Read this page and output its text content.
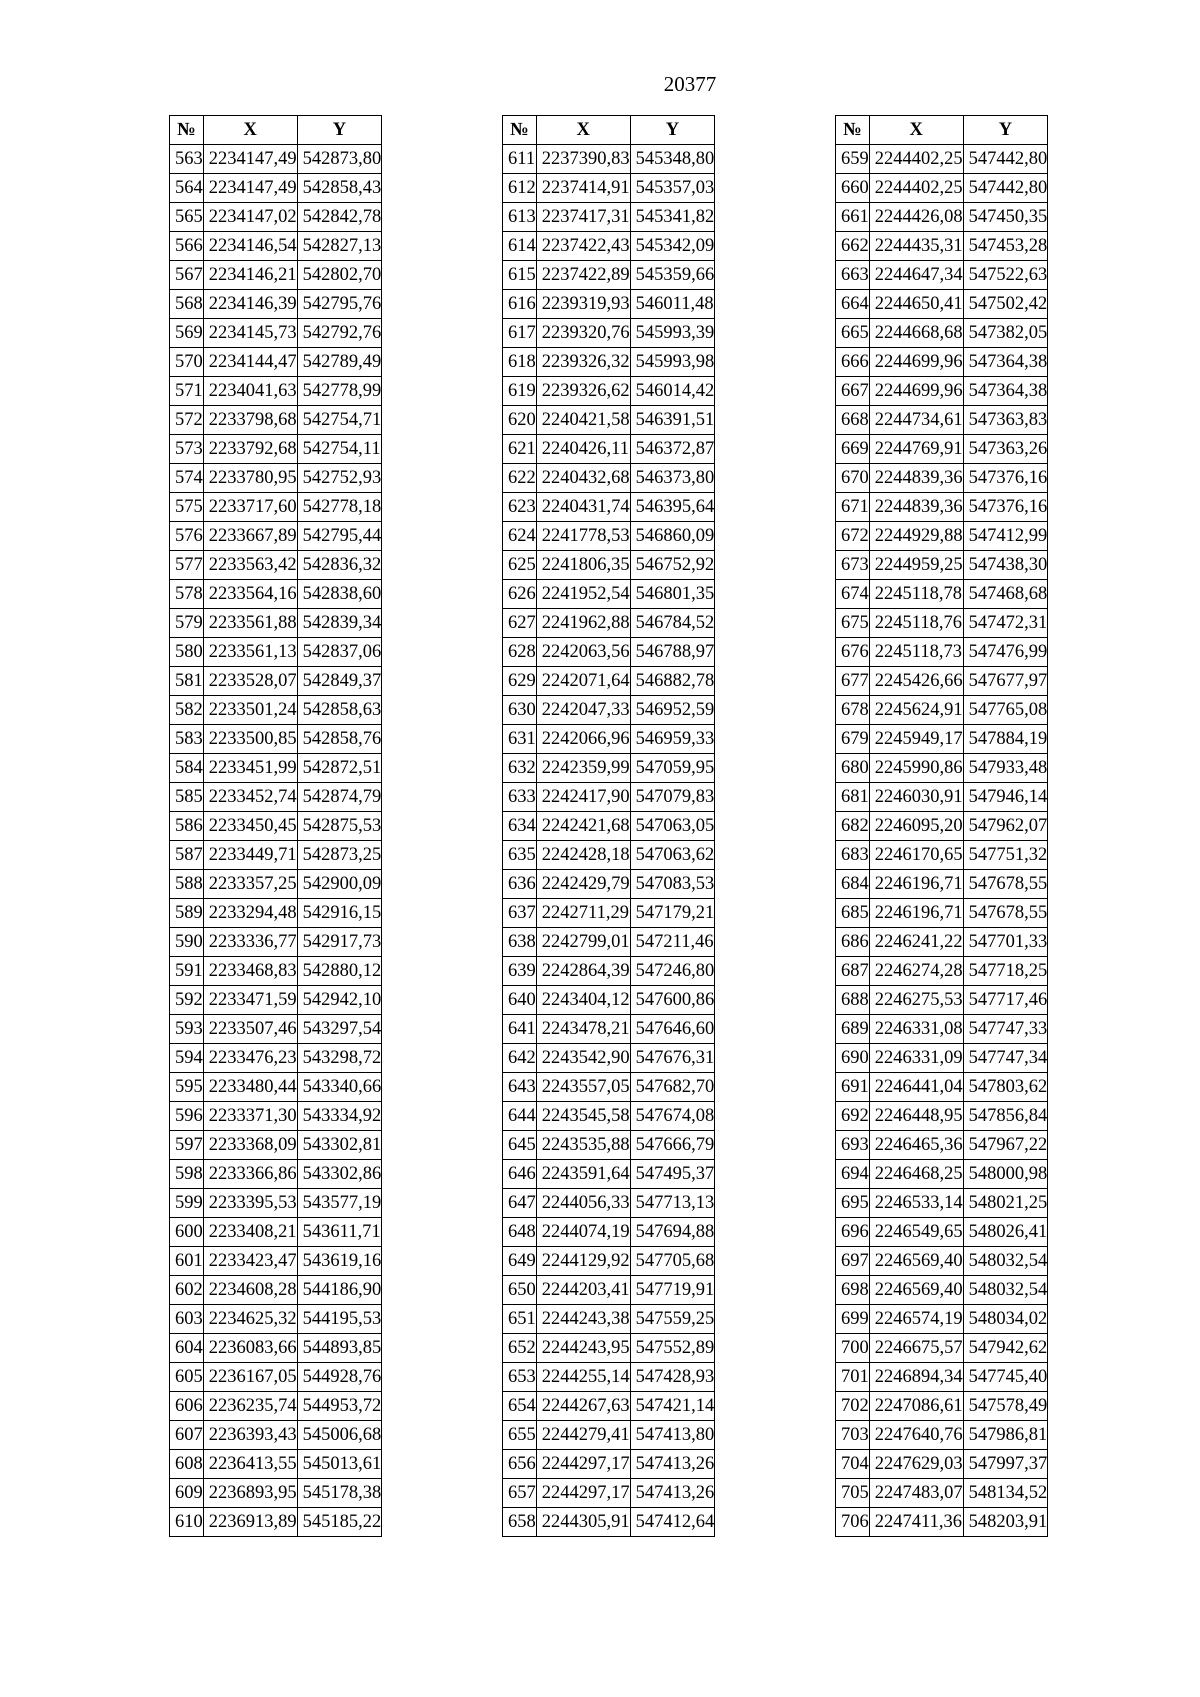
20377
№	X	Y
563	2234147,49	542873,80
564	2234147,49	542858,43
565	2234147,02	542842,78
566	2234146,54	542827,13
567	2234146,21	542802,70
568	2234146,39	542795,76
569	2234145,73	542792,76
570	2234144,47	542789,49
571	2234041,63	542778,99
572	2233798,68	542754,71
573	2233792,68	542754,11
574	2233780,95	542752,93
575	2233717,60	542778,18
576	2233667,89	542795,44
577	2233563,42	542836,32
578	2233564,16	542838,60
579	2233561,88	542839,34
580	2233561,13	542837,06
581	2233528,07	542849,37
582	2233501,24	542858,63
583	2233500,85	542858,76
584	2233451,99	542872,51
585	2233452,74	542874,79
586	2233450,45	542875,53
587	2233449,71	542873,25
588	2233357,25	542900,09
589	2233294,48	542916,15
590	2233336,77	542917,73
591	2233468,83	542880,12
592	2233471,59	542942,10
593	2233507,46	543297,54
594	2233476,23	543298,72
595	2233480,44	543340,66
596	2233371,30	543334,92
597	2233368,09	543302,81
598	2233366,86	543302,86
599	2233395,53	543577,19
600	2233408,21	543611,71
601	2233423,47	543619,16
602	2234608,28	544186,90
603	2234625,32	544195,53
604	2236083,66	544893,85
605	2236167,05	544928,76
606	2236235,74	544953,72
607	2236393,43	545006,68
608	2236413,55	545013,61
609	2236893,95	545178,38
610	2236913,89	545185,22
№	X	Y
611	2237390,83	545348,80
612	2237414,91	545357,03
613	2237417,31	545341,82
614	2237422,43	545342,09
615	2237422,89	545359,66
616	2239319,93	546011,48
617	2239320,76	545993,39
618	2239326,32	545993,98
619	2239326,62	546014,42
620	2240421,58	546391,51
621	2240426,11	546372,87
622	2240432,68	546373,80
623	2240431,74	546395,64
624	2241778,53	546860,09
625	2241806,35	546752,92
626	2241952,54	546801,35
627	2241962,88	546784,52
628	2242063,56	546788,97
629	2242071,64	546882,78
630	2242047,33	546952,59
631	2242066,96	546959,33
632	2242359,99	547059,95
633	2242417,90	547079,83
634	2242421,68	547063,05
635	2242428,18	547063,62
636	2242429,79	547083,53
637	2242711,29	547179,21
638	2242799,01	547211,46
639	2242864,39	547246,80
640	2243404,12	547600,86
641	2243478,21	547646,60
642	2243542,90	547676,31
643	2243557,05	547682,70
644	2243545,58	547674,08
645	2243535,88	547666,79
646	2243591,64	547495,37
647	2244056,33	547713,13
648	2244074,19	547694,88
649	2244129,92	547705,68
650	2244203,41	547719,91
651	2244243,38	547559,25
652	2244243,95	547552,89
653	2244255,14	547428,93
654	2244267,63	547421,14
655	2244279,41	547413,80
656	2244297,17	547413,26
657	2244297,17	547413,26
658	2244305,91	547412,64
№	X	Y
659	2244402,25	547442,80
660	2244402,25	547442,80
661	2244426,08	547450,35
662	2244435,31	547453,28
663	2244647,34	547522,63
664	2244650,41	547502,42
665	2244668,68	547382,05
666	2244699,96	547364,38
667	2244699,96	547364,38
668	2244734,61	547363,83
669	2244769,91	547363,26
670	2244839,36	547376,16
671	2244839,36	547376,16
672	2244929,88	547412,99
673	2244959,25	547438,30
674	2245118,78	547468,68
675	2245118,76	547472,31
676	2245118,73	547476,99
677	2245426,66	547677,97
678	2245624,91	547765,08
679	2245949,17	547884,19
680	2245990,86	547933,48
681	2246030,91	547946,14
682	2246095,20	547962,07
683	2246170,65	547751,32
684	2246196,71	547678,55
685	2246196,71	547678,55
686	2246241,22	547701,33
687	2246274,28	547718,25
688	2246275,53	547717,46
689	2246331,08	547747,33
690	2246331,09	547747,34
691	2246441,04	547803,62
692	2246448,95	547856,84
693	2246465,36	547967,22
694	2246468,25	548000,98
695	2246533,14	548021,25
696	2246549,65	548026,41
697	2246569,40	548032,54
698	2246569,40	548032,54
699	2246574,19	548034,02
700	2246675,57	547942,62
701	2246894,34	547745,40
702	2247086,61	547578,49
703	2247640,76	547986,81
704	2247629,03	547997,37
705	2247483,07	548134,52
706	2247411,36	548203,91
